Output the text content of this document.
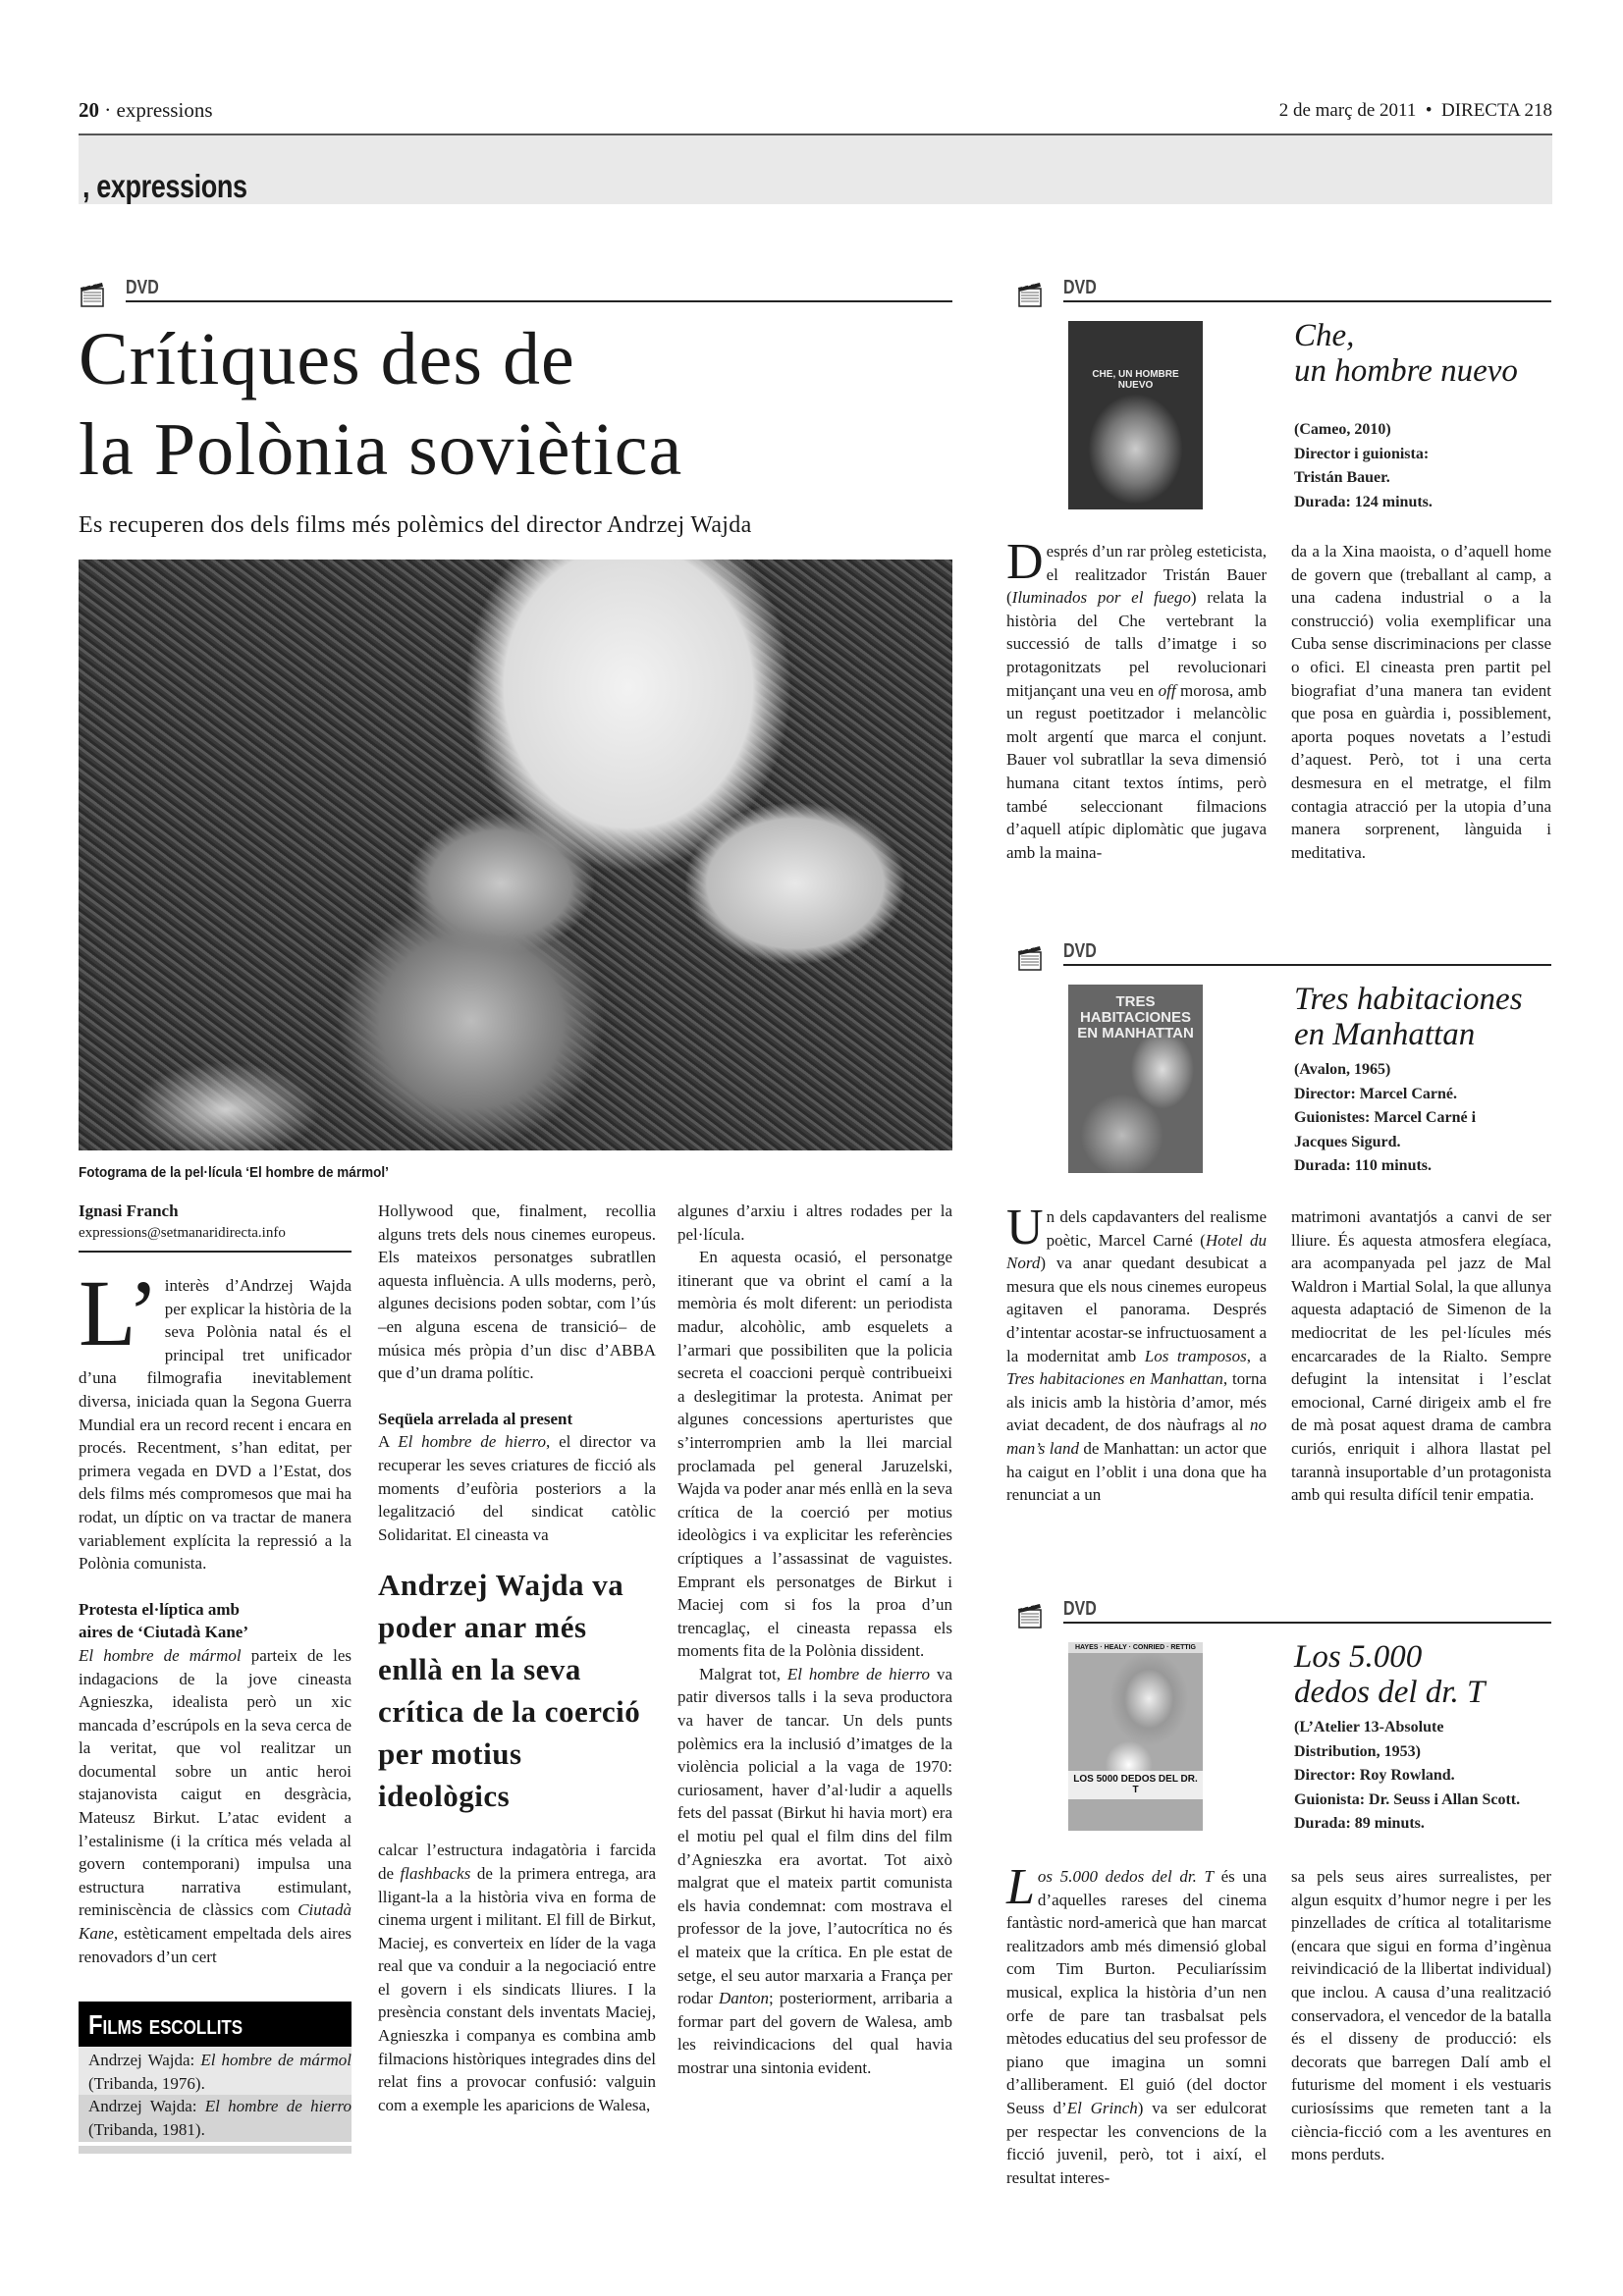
20 · expressions	2 de març de 2011 • DIRECTA 218
, expressions
DVD
Crítiques des de
la Polònia soviètica
Es recuperen dos dels films més polèmics del director Andrzej Wajda
Fotograma de la pel·lícula ‘El hombre de mármol’
Ignasi Franch
expressions@setmanaridirecta.info

L’ interès d’Andrzej Wajda per explicar la història de la seva Polònia natal és el principal tret unificador d’una filmografia inevitablement diversa, iniciada quan la Segona Guerra Mundial era un record recent i encara en procés. Recentment, s’han editat, per primera vegada en DVD a l’Estat, dos dels films més compromesos que mai ha rodat, un díptic on va tractar de manera variablement explícita la repressió a la Polònia comunista.

Protesta el·líptica amb
aires de ‘Ciutadà Kane’

El hombre de mármol parteix de les indagacions de la jove cineasta Agnieszka, idealista però un xic mancada d’escrúpols en la seva cerca de la veritat, que vol realitzar un documental sobre un antic heroi stajanovista caigut en desgràcia, Mateusz Birkut. L’atac evident a l’estalinisme (i la crítica més velada al govern contemporani) impulsa una estructura narrativa estimulant, reminiscència de clàssics com Ciutadà Kane, estèticament empeltada dels aires renovadors d’un cert

Films escollits
Andrzej Wajda: El hombre de mármol (Tribanda, 1976).
Andrzej Wajda: El hombre de hierro (Tribanda, 1981).

Hollywood que, finalment, recollia alguns trets dels nous cinemes europeus. Els mateixos personatges subratllen aquesta influència. A ulls moderns, però, algunes decisions poden sobtar, com l’ús –en alguna escena de transició– de música més pròpia d’un disc d’ABBA que d’un drama polític.

Seqüela arrelada al present

A El hombre de hierro, el director va recuperar les seves criatures de ficció als moments d’eufòria posteriors a la legalització del sindicat catòlic Solidaritat. El cineasta va

Andrzej Wajda va poder anar més enllà en la seva crítica de la coerció per motius ideològics

calcar l’estructura indagatòria i farcida de flashbacks de la primera entrega, ara lligant-la a la història viva en forma de cinema urgent i militant. El fill de Birkut, Maciej, es converteix en líder de la vaga real que va conduir a la negociació entre el govern i els sindicats lliures. I la presència constant dels inventats Maciej, Agnieszka i companya es combina amb filmacions històriques integrades dins del relat fins a provocar confusió: valguin com a exemple les aparicions de Walesa,

algunes d’arxiu i altres rodades per la pel·lícula.

En aquesta ocasió, el personatge itinerant que va obrint el camí a la memòria és molt diferent: un periodista madur, alcohòlic, amb esquelets a l’armari que possibiliten que la policia secreta el coaccioni perquè contribueixi a deslegitimar la protesta. Animat per algunes concessions aperturistes que s’interromprien amb la llei marcial proclamada pel general Jaruzelski, Wajda va poder anar més enllà en la seva crítica de la coerció per motius ideològics i va explicitar les referències críptiques a l’assassinat de vaguistes. Emprant els personatges de Birkut i Maciej com si fos la proa d’un trencaglaç, el cineasta repassa els moments fita de la Polònia dissident.

Malgrat tot, El hombre de hierro va patir diversos talls i la seva productora va haver de tancar. Un dels punts polèmics era la inclusió d’imatges de la violència policial a la vaga de 1970: curiosament, haver d’al·ludir a aquells fets del passat (Birkut hi havia mort) era el motiu pel qual el film dins del film d’Agnieszka era avortat. Tot això malgrat que el mateix partit comunista els havia condemnat: com mostrava el professor de la jove, l’autocrítica no és el mateix que la crítica. En ple estat de setge, el seu autor marxaria a França per rodar Danton; posteriorment, arribaria a formar part del govern de Walesa, amb les reivindicacions del qual havia mostrar una sintonia evident.

DVD
CHE, UN HOMBRE NUEVO
Che,
un hombre nuevo
(Cameo, 2010)
Director i guionista:
Tristán Bauer.
Durada: 124 minuts.

Després d’un rar pròleg esteticista, el realitzador Tristán Bauer (Iluminados por el fuego) relata la història del Che vertebrant la successió de talls d’imatge i so protagonitzats pel revolucionari mitjançant una veu en off morosa, amb un regust poetitzador i melancòlic molt argentí que marca el conjunt. Bauer vol subratllar la seva dimensió humana citant textos íntims, però també seleccionant filmacions d’aquell atípic diplomàtic que jugava amb la maina-

da a la Xina maoista, o d’aquell home de govern que (treballant al camp, a una cadena industrial o a la construcció) volia exemplificar una Cuba sense discriminacions per classe o ofici. El cineasta pren partit pel biografiat d’una manera tan evident que posa en guàrdia i, possiblement, aporta poques novetats a l’estudi d’aquest. Però, tot i una certa desmesura en el metratge, el film contagia atracció per la utopia d’una manera sorprenent, lànguida i meditativa.

DVD
TRES HABITACIONES EN MANHATTAN
Tres habitaciones
en Manhattan
(Avalon, 1965)
Director: Marcel Carné.
Guionistes: Marcel Carné i
Jacques Sigurd.
Durada: 110 minuts.

Un dels capdavanters del realisme poètic, Marcel Carné (Hotel du Nord) va anar quedant desubicat a mesura que els nous cinemes europeus agitaven el panorama. Després d’intentar acostar-se infructuosament a la modernitat amb Los tramposos, a Tres habitaciones en Manhattan, torna als inicis amb la història d’amor, més aviat decadent, de dos nàufrags al no man’s land de Manhattan: un actor que ha caigut en l’oblit i una dona que ha renunciat a un

matrimoni avantatjós a canvi de ser lliure. És aquesta atmosfera elegíaca, ara acompanyada pel jazz de Mal Waldron i Martial Solal, la que allunya aquesta adaptació de Simenon de la mediocritat de les pel·lícules més encarcarades de la Rialto. Sempre defugint la intensitat i l’esclat emocional, Carné dirigeix amb el fre de mà posat aquest drama de cambra curiós, enriquit i alhora llastat pel tarannà insuportable d’un protagonista amb qui resulta difícil tenir empatia.

DVD
HAYES · HEALY · CONRIED · RETTIG
LOS 5000 DEDOS DEL DR. T
Los 5.000
dedos del dr. T
(L’Atelier 13-Absolute
Distribution, 1953)
Director: Roy Rowland.
Guionista: Dr. Seuss i Allan Scott.
Durada: 89 minuts.

Los 5.000 dedos del dr. T és una d’aquelles rareses del cinema fantàstic nord-americà que han marcat realitzadors amb més dimensió global com Tim Burton. Peculiaríssim musical, explica la història d’un nen orfe de pare tan trasbalsat pels mètodes educatius del seu professor de piano que imagina un somni d’alliberament. El guió (del doctor Seuss d’El Grinch) va ser edulcorat per respectar les convencions de la ficció juvenil, però, tot i així, el resultat interes-

sa pels seus aires surrealistes, per algun esquitx d’humor negre i per les pinzellades de crítica al totalitarisme (encara que sigui en forma d’ingènua reivindicació de la llibertat individual) que inclou. A causa d’una realització conservadora, el vencedor de la batalla és el disseny de producció: els decorats que barregen Dalí amb el futurisme del moment i els vestuaris curiosíssims que remeten tant a la ciència-ficció com a les aventures en mons perduts.
